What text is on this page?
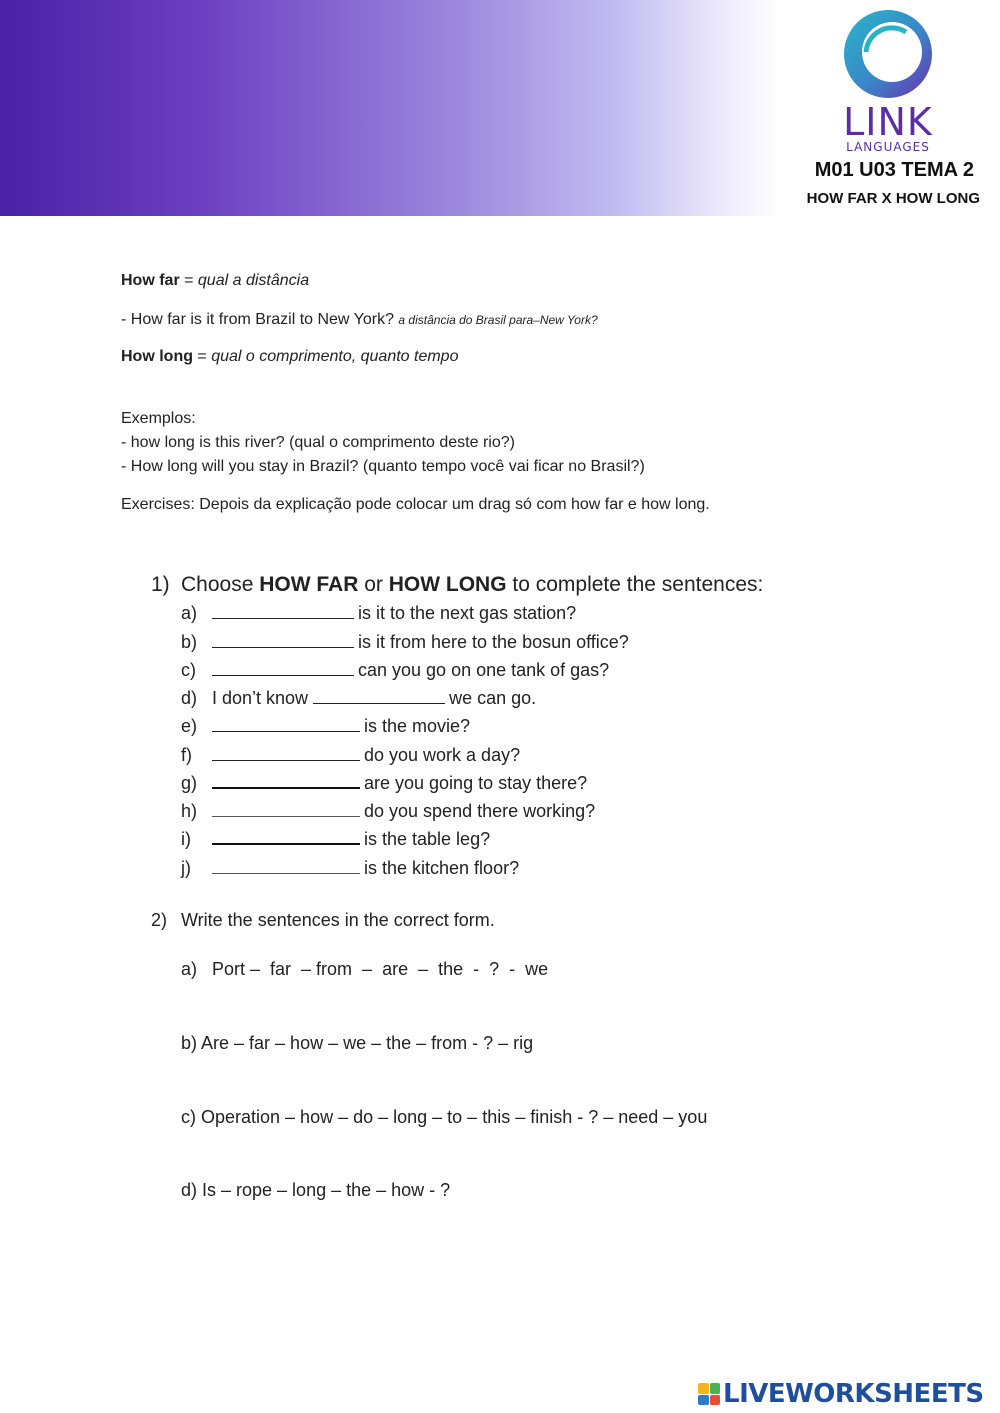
LINK
LANGUAGES
M01 U03 TEMA 2
HOW FAR X HOW LONG
How far = qual a distância
- How far is it from Brazil to New York? a distância do Brasil para–New York?
How long = qual o comprimento, quanto tempo
Exemplos:
- how long is this river? (qual o comprimento deste rio?)
- How long will you stay in Brazil? (quanto tempo você vai ficar no Brasil?)
Exercises: Depois da explicação pode colocar um drag só com how far e how long.
1) Choose HOW FAR or HOW LONG to complete the sentences:
a)	is it to the next gas station?
b)	is it from here to the bosun office?
c)	can you go on one tank of gas?
d) I don’t know	we can go.
e)	is the movie?
f)	do you work a day?
g)	are you going to stay there?
h)	do you spend there working?
i)	is the table leg?
j)	is the kitchen floor?
2) Write the sentences in the correct form.
a)   Port –  far  – from  –  are  –  the  -  ?  -  we
b) Are – far – how – we – the – from - ? – rig
c) Operation – how – do – long – to – this – finish - ? – need – you
d) Is – rope – long – the – how - ?
LIVEWORKSHEETS
